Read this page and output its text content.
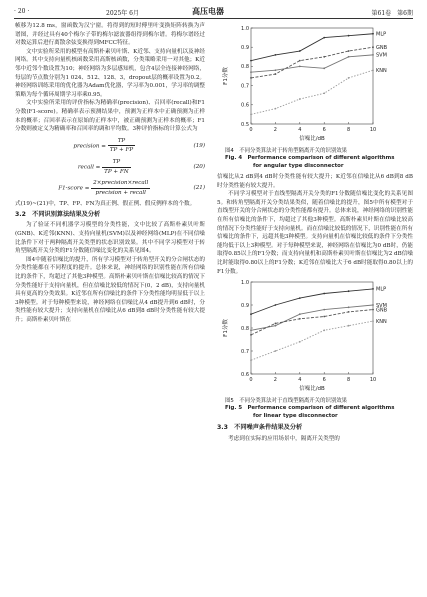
· 20 ·	2025年 6月	高压电器	第61卷　第6期

帧移为12.8 ms，窗函数为汉宁窗。将得到的短时傅里叶变换矩阵转换为声谱图，并经过具有40个梅尔子带的梅尔滤波器组得到梅尔谱。将梅尔谱经过对数运算后进行离散余弦变换得到MFCC特征。

文中实验所采用的模型有高斯朴素贝叶斯、K近邻、支持向量机以及神经网络。其中支持向量机核函数采用高斯核函数，分类策略采用一对其他；K近邻中近邻个数设置为10；神经网络为多层感知机，包含4层全连接神经网络，每层的节点数分别为1 024、512、128、3，dropout层的概率设置为0.2。神经网络训练采用的优化器为Adam优化器，学习率为0.001，学习率的调整策略为每个循环周期学习率乘0.95。

文中实验所采用的评价指标为精确率(precision)、召回率(recall)和F1分数(F1-score)。精确率表示预测结果中，预测为正样本中正确预测为正样本的概率；召回率表示在原始的正样本中，被正确预测为正样本的概率；F1分数则被定义为精确率和召回率的调和平均数。3种评价指标的计算公式为

precision = $\frac{TP}{TP + FP}$	(19)
recall = $\frac{TP}{TP + FN}$	(20)
F1-score = $\frac{\text{2×precision×recall}}{\text{precision + recall}}$	(21)

式(19)~(21)中，TP、FP、FN为真正例、假正例、假反例样本的个数。

3.2　不同识别算法结果及分析

为了验证不同机器学习模型的分类性能，文中比较了高斯朴素贝叶斯(GNB)、K近邻(KNN)、支持向量机(SVM)以及神经网络(MLP)在不同信噪比条件下对于两种隔离开关类型的状态识别效果。其中不同学习模型对于转角型隔离开关分类的F1分数随信噪比变化的关系见图4。

图4中随着信噪比的提升，所有学习模型对于转角型开关的分合闸状态的分类性能都在不同程度的提升。总体来说，神经网络的识别性能在所有信噪比的条件下，均超过了其他3种模型。高斯朴素贝叶斯在信噪比较高的情况下分类性能好于支持向量机，但在信噪比较低的情况下(0，2 dB)，支持向量机具有更高的分类效果。K近邻在所有信噪比的条件下分类性能均明显低于以上3种模型。对于每种模型来说，神经网络在信噪比从4 dB提升到6 dB时，分类性能有较大提升；支持向量机在信噪比从6 dB到8 dB时分类性能有较大提升；高斯朴素贝叶斯在

0.5
0.6
0.7
0.8
0.9
1.0
0	2	4	6	8	10
信噪比/dB
F1分数
MLP
GNB
SVM
KNN
图4　不同分类算法对于转角型隔离开关的识别效果
Fig. 4　Performance comparison of different algorithms
for angular type disconnector

信噪比从2 dB到4 dB时分类性能有较大提升；K近邻在信噪比从6 dB到8 dB时分类性能有较大提升。

不同学习模型对于直线型隔离开关分类的F1分数随信噪比变化的关系见图5。和转角型隔离开关分类结果类似，随着信噪比的提升，图5中所有模型对于直线型开关的分合闸状态的分类性能都有提升。总体来说，神经网络的识别性能在所有信噪比的条件下，均超过了其他3种模型。高斯朴素贝叶斯在信噪比较高的情况下分类性能好于支持向量机。而在信噪比较低的情况下，识别性能在所有信噪比的条件下，远超其他3种模型。支持向量机在信噪比较低的条件下分类性能均低于以上3种模型。对于每种模型来说，神经网络在信噪比为0 dB时，仍能取得0.85以上的F1分数；而支持向量机和高斯朴素贝叶斯在信噪比为2 dB信噪比时能取得0.80以上的F1分数；K近邻在信噪比大于6 dB时能取得0.80以上的F1分数。

0.6
0.7
0.8
0.9
1.0
0	2	4	6	8	10
信噪比/dB
F1分数
MLP
SVM
GNB
KNN
图5　不同分类算法对于直线型隔离开关的识别效果
Fig. 5　Performance comparison of different algorithms
for linear type disconnector
3.3　不同噪声条件结果及分析

考虑到在实际的应用场景中，隔离开关类型的
